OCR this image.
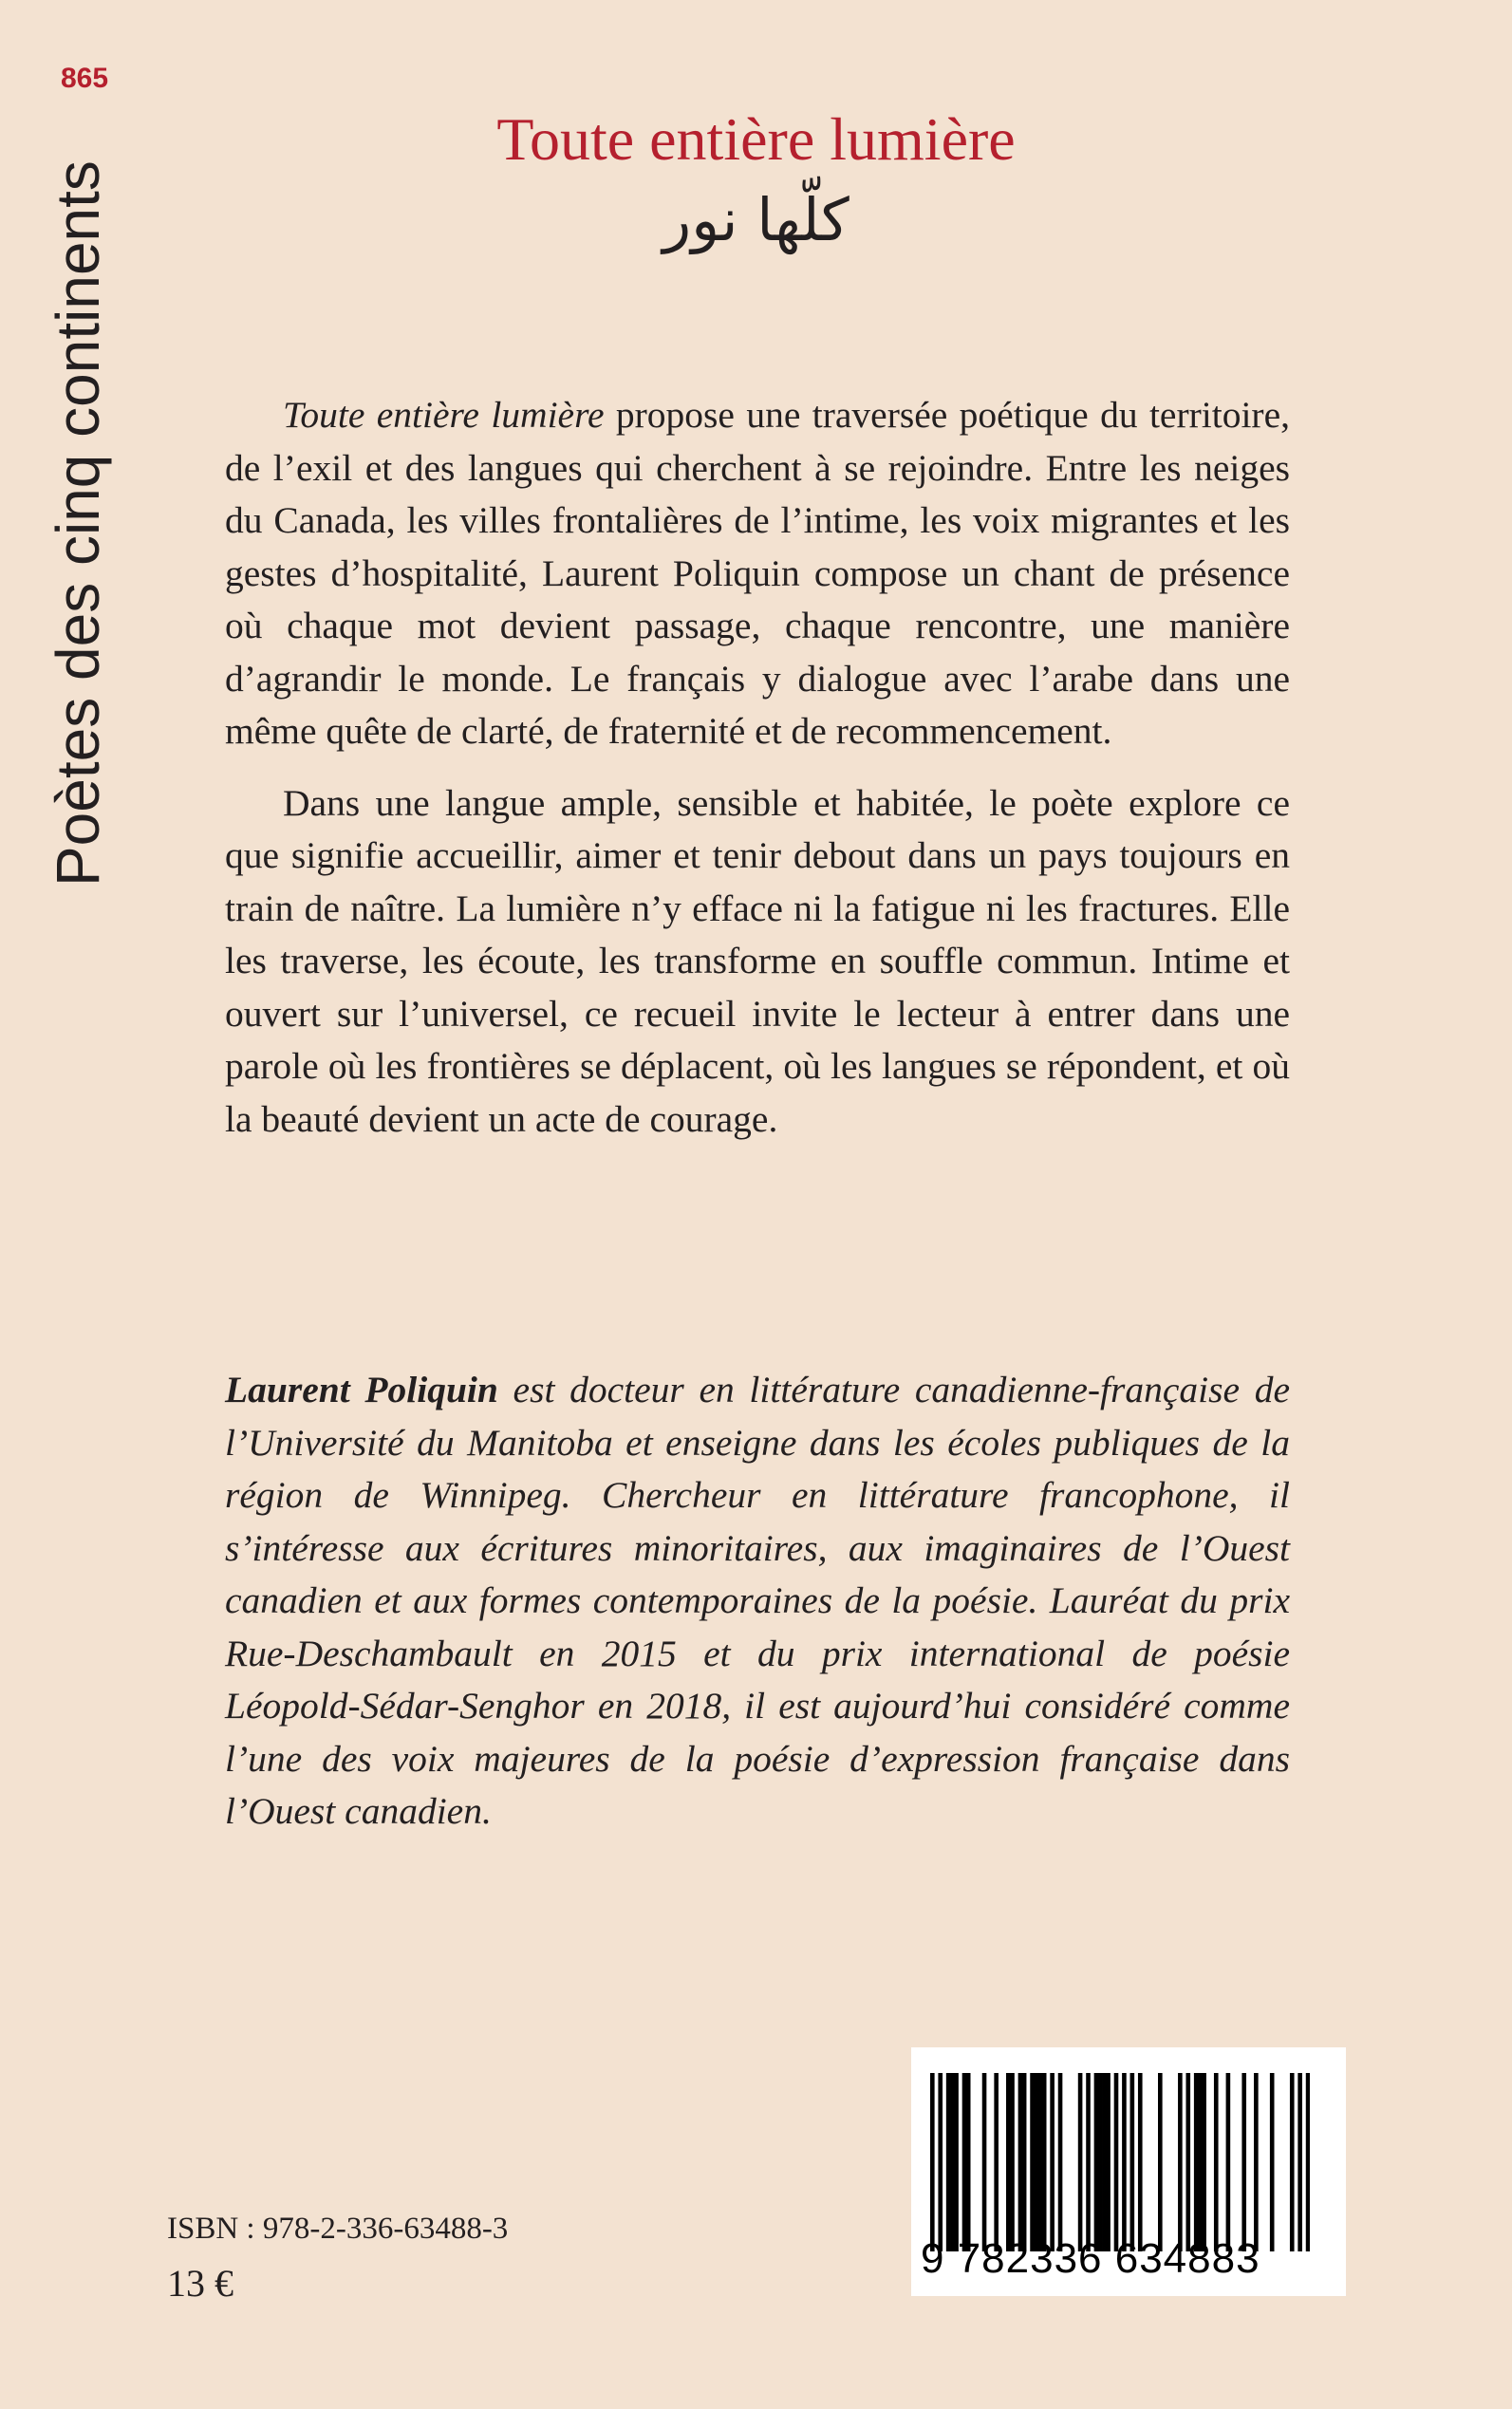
865
Poètes des cinq continents
Toute entière lumière
كلّها نور

Toute entière lumière propose une traversée poétique du territoire, de l’exil et des langues qui cherchent à se rejoindre. Entre les neiges du Canada, les villes frontalières de l’intime, les voix migrantes et les gestes d’hospitalité, Laurent Poliquin compose un chant de présence où chaque mot devient passage, chaque rencontre, une manière d’agrandir le monde. Le français y dialogue avec l’arabe dans une même quête de clarté, de fraternité et de recommencement.

Dans une langue ample, sensible et habitée, le poète explore ce que signifie accueillir, aimer et tenir debout dans un pays toujours en train de naître. La lumière n’y efface ni la fatigue ni les fractures. Elle les traverse, les écoute, les transforme en souffle commun. Intime et ouvert sur l’universel, ce recueil invite le lecteur à entrer dans une parole où les frontières se déplacent, où les langues se répondent, et où la beauté devient un acte de courage.

Laurent Poliquin est docteur en littérature canadienne-française de l’Université du Manitoba et enseigne dans les écoles publiques de la région de Winnipeg. Chercheur en littérature francophone, il s’intéresse aux écritures minoritaires, aux imaginaires de l’Ouest canadien et aux formes contemporaines de la poésie. Lauréat du prix Rue-Deschambault en 2015 et du prix international de poésie Léopold-Sédar-Senghor en 2018, il est aujourd’hui considéré comme l’une des voix majeures de la poésie d’expression française dans l’Ouest canadien.
ISBN : 978-2-336-63488-3
13 €
9 782336 634883
